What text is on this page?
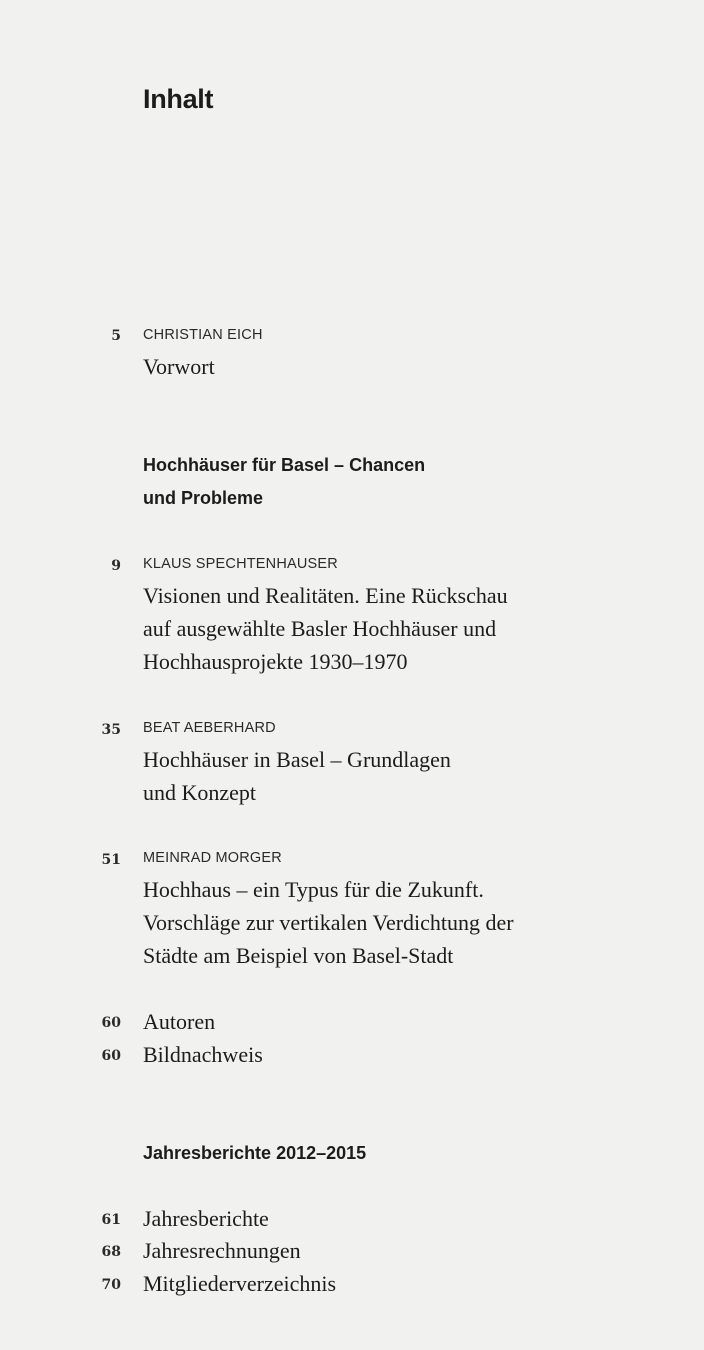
Inhalt
5 CHRISTIAN EICH
Vorwort
Hochhäuser für Basel – Chancen
und Probleme
9 KLAUS SPECHTENHAUSER
Visionen und Realitäten. Eine Rückschau
auf ausgewählte Basler Hochhäuser und
Hochhausprojekte 1930–1970
35 BEAT AEBERHARD
Hochhäuser in Basel – Grundlagen
und Konzept
51 MEINRAD MORGER
Hochhaus – ein Typus für die Zukunft.
Vorschläge zur vertikalen Verdichtung der
Städte am Beispiel von Basel-Stadt
60 Autoren
60 Bildnachweis
Jahresberichte 2012–2015
61 Jahresberichte
68 Jahresrechnungen
70 Mitgliederverzeichnis
